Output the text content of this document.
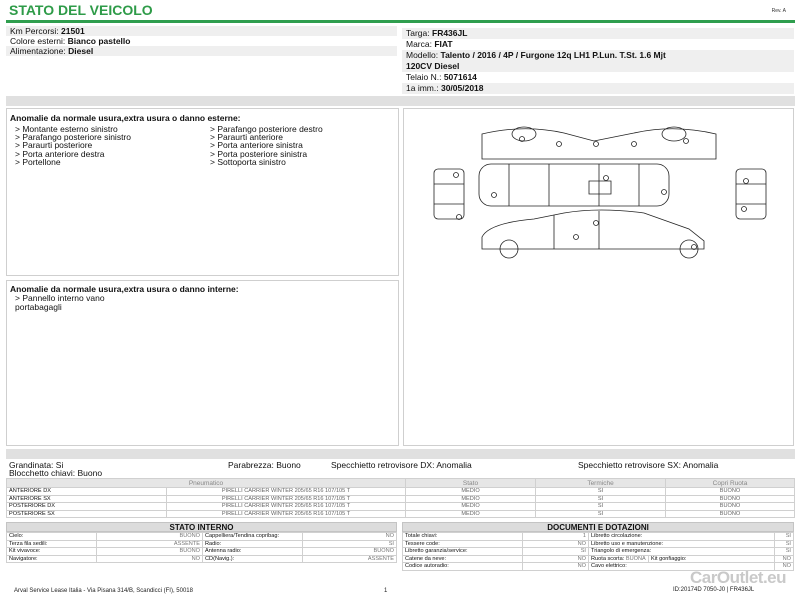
STATO DEL VEICOLO	Rev. A
Km Percorsi: 21501
Colore esterni: Bianco pastello
Alimentazione: Diesel
Targa: FR436JL
Marca: FIAT
Modello: Talento / 2016 / 4P / Furgone 12q LH1 P.Lun. T.St. 1.6 Mjt
120CV Diesel
Telaio N.: 5071614
1a imm.: 30/05/2018
Anomalie da normale usura,extra usura o danno esterne:
> Montante esterno sinistro
> Parafango posteriore sinistro
> Paraurti posteriore
> Porta anteriore destra
> Portellone
> Parafango posteriore destro
> Paraurti anteriore
> Porta anteriore sinistra
> Porta posteriore sinistra
> Sottoporta sinistro
Anomalie da normale usura,extra usura o danno interne:
> Pannello interno vano
portabagagli
Grandinata: Si
Blocchetto chiavi: Buono
Parabrezza: Buono	Specchietto retrovisore DX: Anomalia	Specchietto retrovisore SX: Anomalia
Pneumatico		Stato	Termiche	Copri Ruota
ANTERIORE DX	PIRELLI CARRIER WINTER 205/65 R16 107/105 T	MEDIO	SI	BUONO
ANTERIORE SX	PIRELLI CARRIER WINTER 205/65 R16 107/105 T	MEDIO	SI	BUONO
POSTERIORE DX	PIRELLI CARRIER WINTER 205/65 R16 107/105 T	MEDIO	SI	BUONO
POSTERIORE SX	PIRELLI CARRIER WINTER 205/65 R16 107/105 T	MEDIO	SI	BUONO
STATO INTERNO
Cielo:	BUONO	Cappelliera/Tendina copribag:	NO
Terza fila sedili:	ASSENTE	Radio:	SI
Kit vivavoce:	BUONO	Antenna radio:	BUONO
Navigatore:	NO	CD(Navig.):	ASSENTE
DOCUMENTI E DOTAZIONI
Totale chiavi:	1	Libretto circolazione:		SI
Tessere code:	NO	Libretto uso e manutenzione:		SI
Libretto garanzia/service:	SI	Triangolo di emergenza:		SI
Catene da neve:	NO	Ruota scorta: BUONA	Kit gonfiaggio:	NO
Codice autoradio:	NO	Cavo elettrico:		NO
Arval Service Lease Italia - Via Pisana 314/B, Scandicci (FI), 50018	1	ID:20174D 7050-J0 | FR436JL
CarOutlet.eu
